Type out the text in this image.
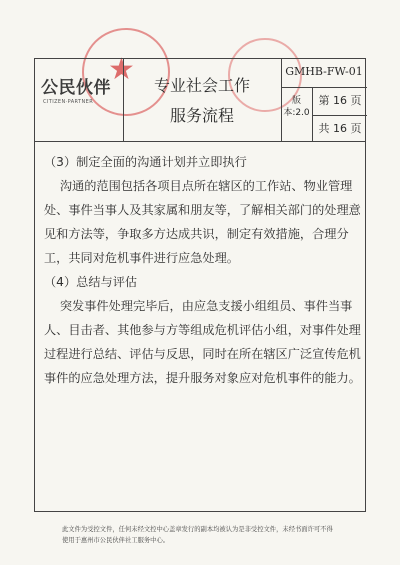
★
公民伙伴
CITIZEN·PARTNER
专业社会工作
服务流程
GMHB-FW-01
版本:2.0
第 16 页
共 16 页
（3）制定全面的沟通计划并立即执行
沟通的范围包括各项目点所在辖区的工作站、物业管理处、事件当事人及其家属和朋友等，了解相关部门的处理意见和方法等，争取多方达成共识，制定有效措施，合理分工，共同对危机事件进行应急处理。
（4）总结与评估
突发事件处理完毕后，由应急支援小组组员、事件当事人、目击者、其他参与方等组成危机评估小组，对事件处理过程进行总结、评估与反思，同时在所在辖区广泛宣传危机事件的应急处理方法，提升服务对象应对危机事件的能力。
此文件为受控文件，任何未经文控中心盖章发行的副本均被认为是非受控文件，未经书面许可不得
使用于惠州市公民伙伴社工服务中心。
